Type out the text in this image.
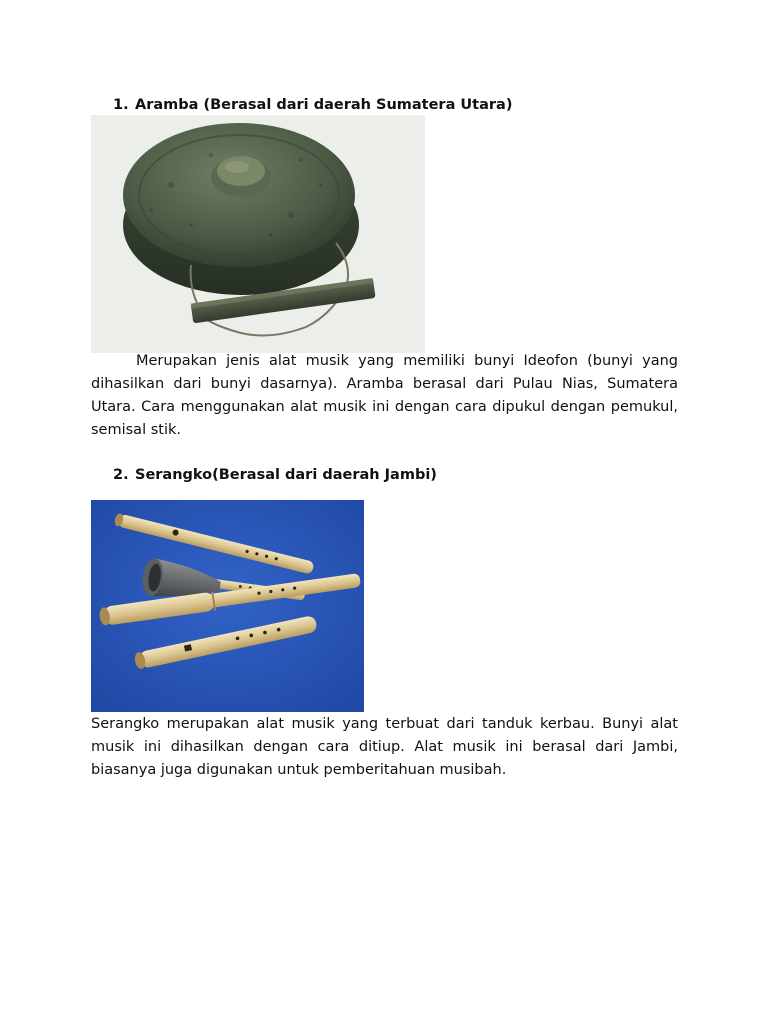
1. Aramba (Berasal dari daerah Sumatera Utara)

Merupakan jenis alat musik yang memiliki bunyi Ideofon (bunyi yang dihasilkan dari bunyi dasarnya). Aramba berasal dari Pulau Nias, Sumatera Utara. Cara menggunakan alat musik ini dengan cara dipukul dengan pemukul, semisal stik.

2. Serangko(Berasal dari daerah Jambi)

Serangko merupakan alat musik yang terbuat dari tanduk kerbau. Bunyi alat musik ini dihasilkan dengan cara ditiup. Alat musik ini berasal dari Jambi, biasanya juga digunakan untuk pemberitahuan musibah.
